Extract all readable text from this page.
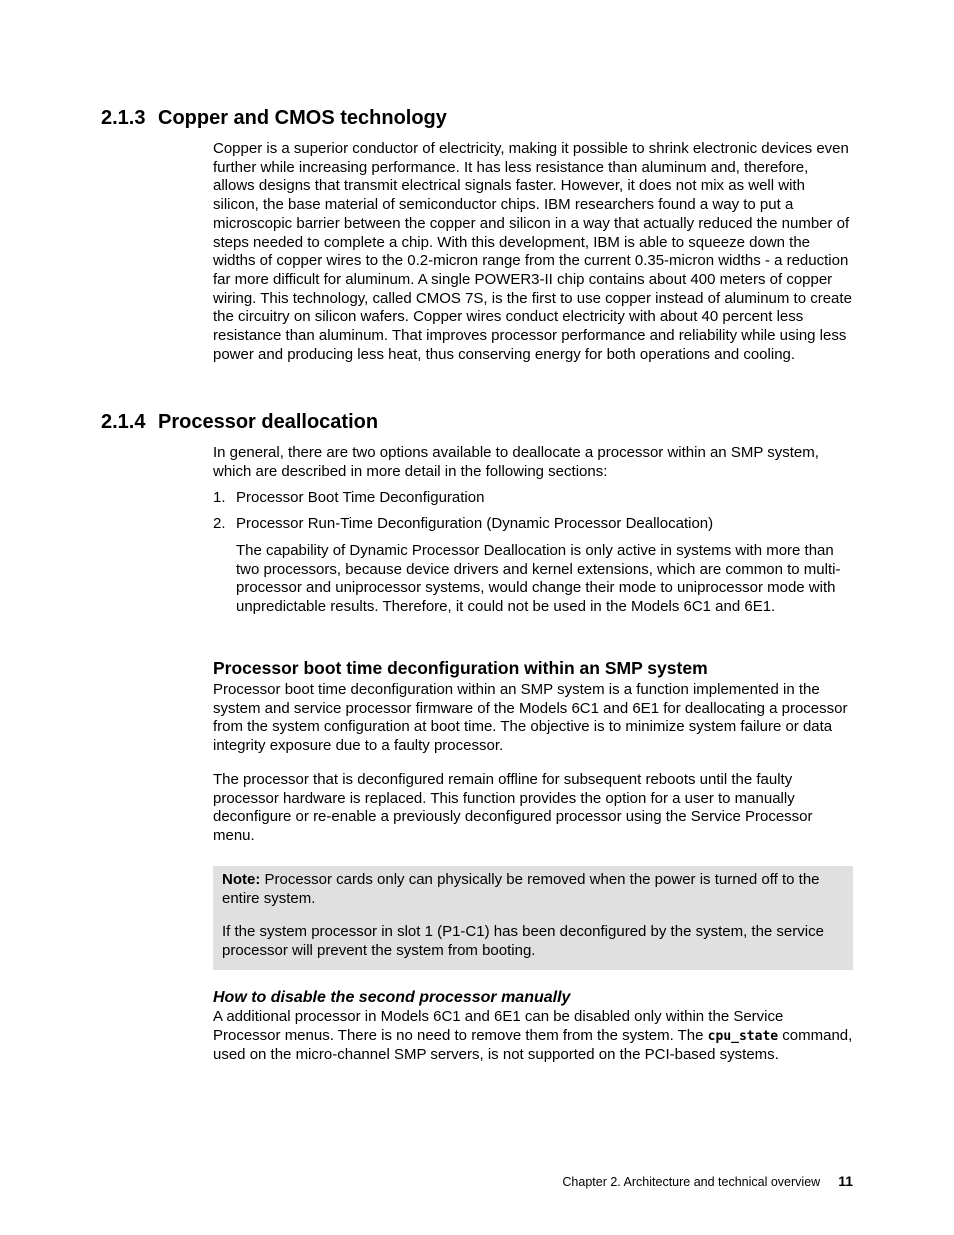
2.1.3 Copper and CMOS technology

Copper is a superior conductor of electricity, making it possible to shrink electronic devices even further while increasing performance. It has less resistance than aluminum and, therefore, allows designs that transmit electrical signals faster. However, it does not mix as well with silicon, the base material of semiconductor chips. IBM researchers found a way to put a microscopic barrier between the copper and silicon in a way that actually reduced the number of steps needed to complete a chip. With this development, IBM is able to squeeze down the widths of copper wires to the 0.2-micron range from the current 0.35-micron widths - a reduction far more difficult for aluminum. A single POWER3-II chip contains about 400 meters of copper wiring. This technology, called CMOS 7S, is the first to use copper instead of aluminum to create the circuitry on silicon wafers. Copper wires conduct electricity with about 40 percent less resistance than aluminum. That improves processor performance and reliability while using less power and producing less heat, thus conserving energy for both operations and cooling.

2.1.4 Processor deallocation

In general, there are two options available to deallocate a processor within an SMP system, which are described in more detail in the following sections:

1. Processor Boot Time Deconfiguration
2. Processor Run-Time Deconfiguration (Dynamic Processor Deallocation)

The capability of Dynamic Processor Deallocation is only active in systems with more than two processors, because device drivers and kernel extensions, which are common to multi-processor and uniprocessor systems, would change their mode to uniprocessor mode with unpredictable results. Therefore, it could not be used in the Models 6C1 and 6E1.

Processor boot time deconfiguration within an SMP system

Processor boot time deconfiguration within an SMP system is a function implemented in the system and service processor firmware of the Models 6C1 and 6E1 for deallocating a processor from the system configuration at boot time. The objective is to minimize system failure or data integrity exposure due to a faulty processor.

The processor that is deconfigured remain offline for subsequent reboots until the faulty processor hardware is replaced. This function provides the option for a user to manually deconfigure or re-enable a previously deconfigured processor using the Service Processor menu.

Note: Processor cards only can physically be removed when the power is turned off to the entire system.

If the system processor in slot 1 (P1-C1) has been deconfigured by the system, the service processor will prevent the system from booting.

How to disable the second processor manually

A additional processor in Models 6C1 and 6E1 can be disabled only within the Service Processor menus. There is no need to remove them from the system. The cpu_state command, used on the micro-channel SMP servers, is not supported on the PCI-based systems.

Chapter 2. Architecture and technical overview 11
